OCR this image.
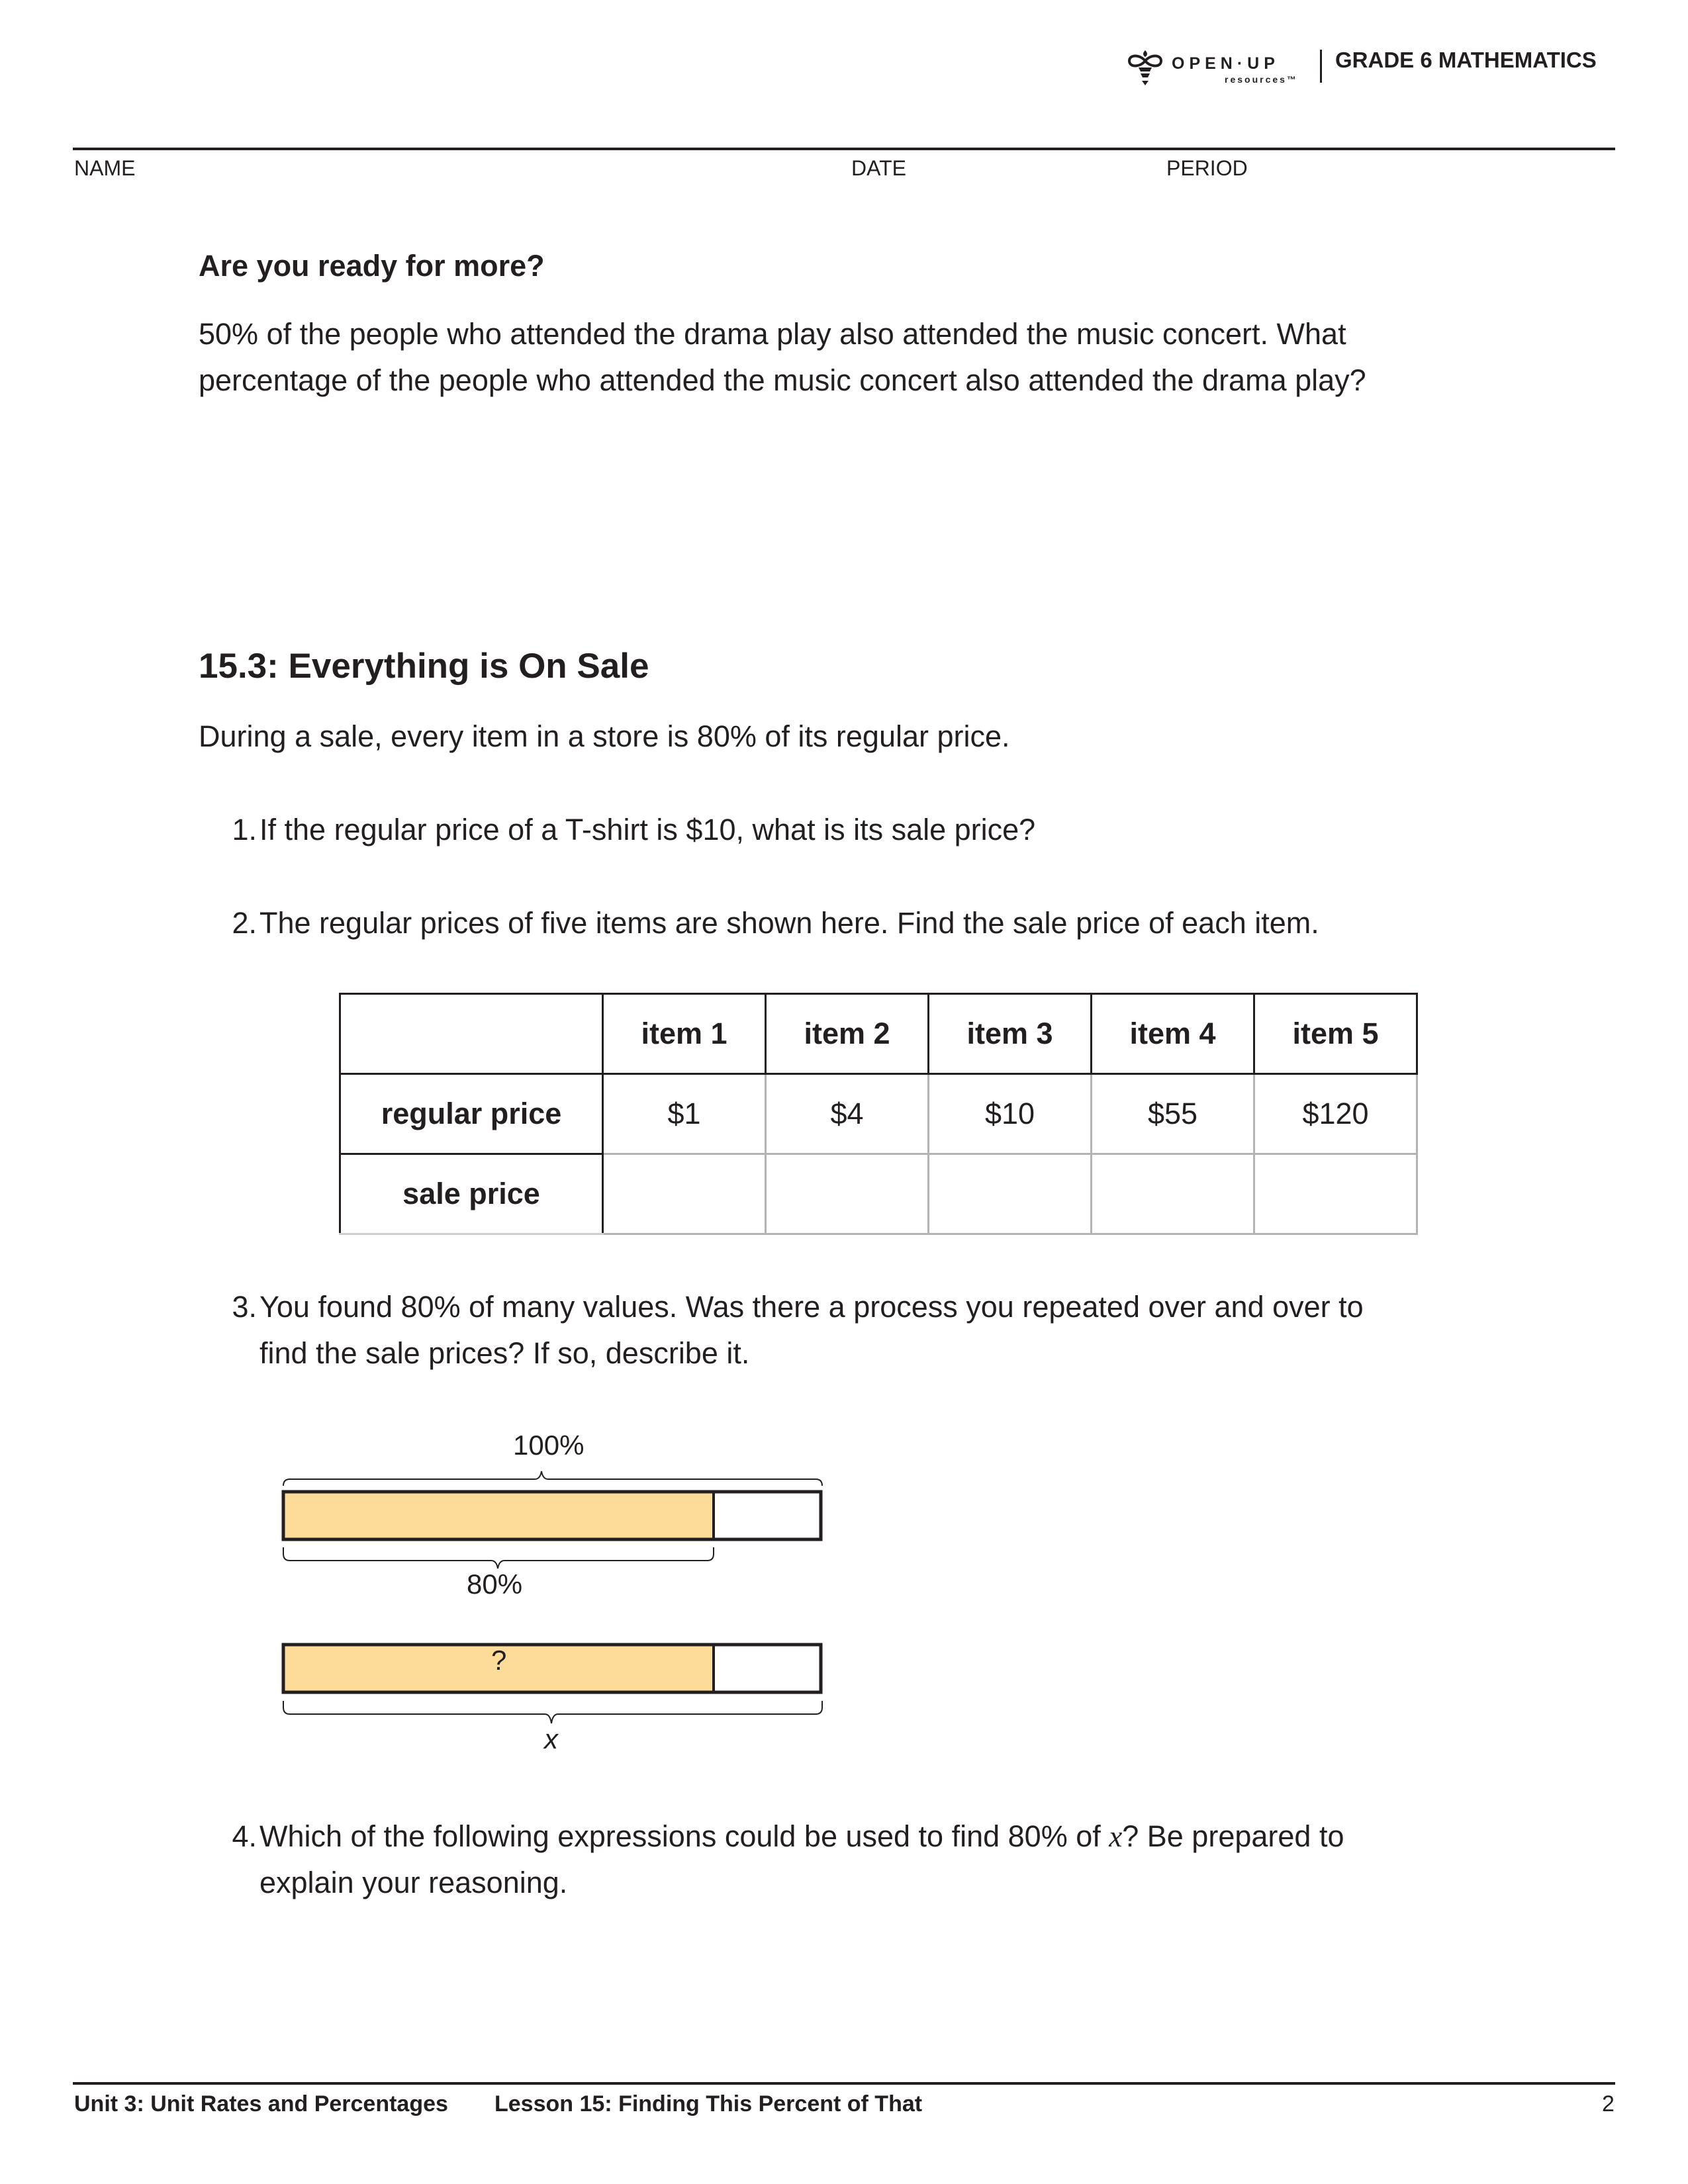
OPEN·UP
resources™
GRADE 6 MATHEMATICS
NAME	DATE	PERIOD
Are you ready for more?
50% of the people who attended the drama play also attended the music concert. What
percentage of the people who attended the music concert also attended the drama play?
15.3: Everything is On Sale
During a sale, every item in a store is 80% of its regular price.
1.If the regular price of a T-shirt is $10, what is its sale price?
2.The regular prices of five items are shown here. Find the sale price of each item.
	item 1	item 2	item 3	item 4	item 5
regular price	$1	$4	$10	$55	$120
sale price					
3.You found 80% of many values. Was there a process you repeated over and over to
find the sale prices? If so, describe it.
100%
80%
?
x
4.Which of the following expressions could be used to find 80% of x? Be prepared to
explain your reasoning.
Unit 3: Unit Rates and Percentages Lesson 15: Finding This Percent of That	2
